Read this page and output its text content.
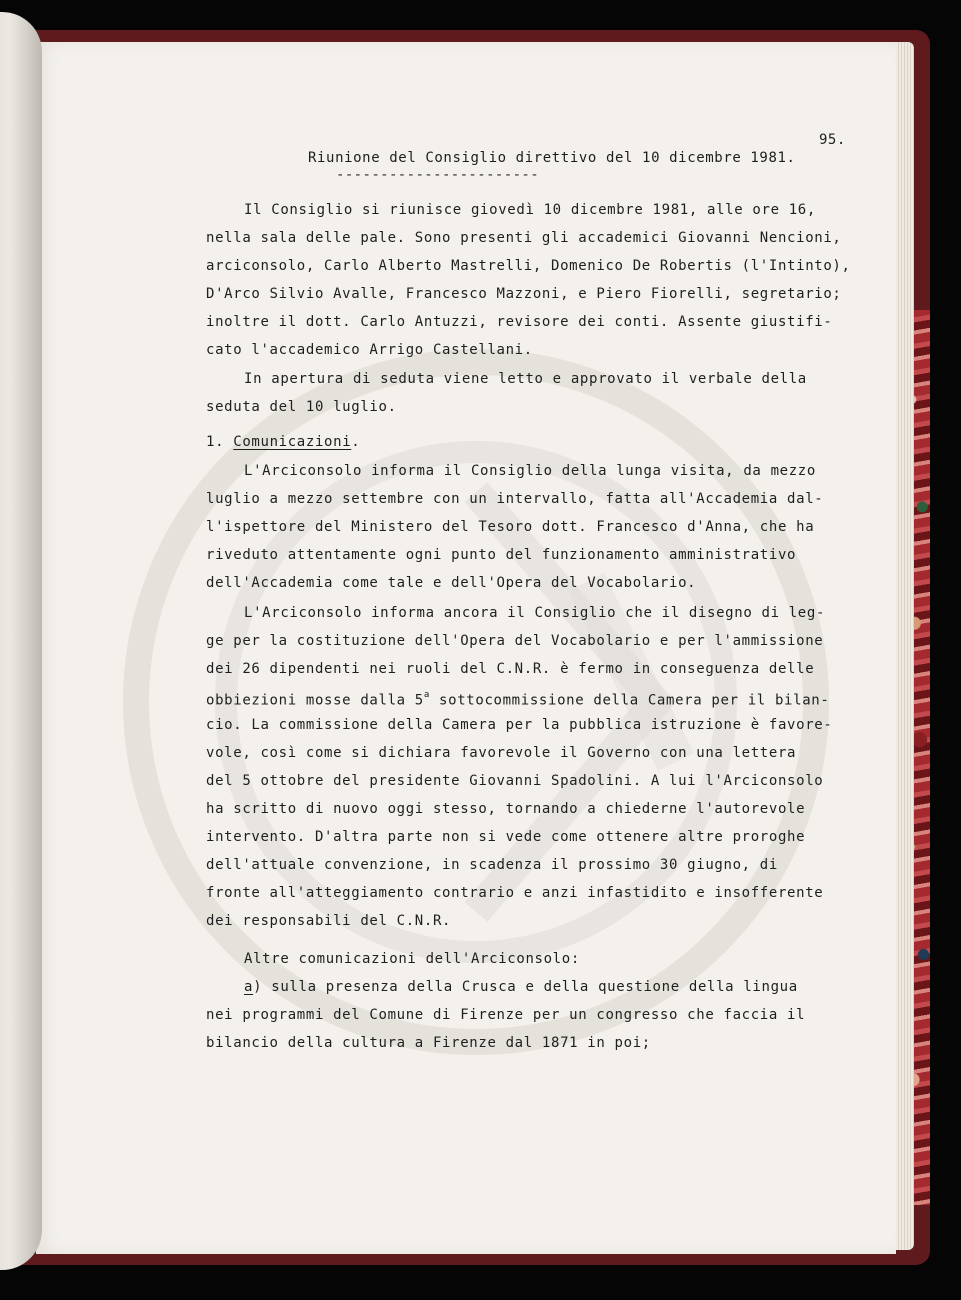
95.
Riunione del Consiglio direttivo del 10 dicembre 1981.
-----------------------
Il Consiglio si riunisce giovedì 10 dicembre 1981, alle ore 16,
nella sala delle pale. Sono presenti gli accademici Giovanni Nencioni,
arciconsolo, Carlo Alberto Mastrelli, Domenico De Robertis (l'Intinto),
D'Arco Silvio Avalle, Francesco Mazzoni, e Piero Fiorelli, segretario;
inoltre il dott. Carlo Antuzzi, revisore dei conti. Assente giustifi-
cato l'accademico Arrigo Castellani.
In apertura di seduta viene letto e approvato il verbale della
seduta del 10 luglio.
1. Comunicazioni.
L'Arciconsolo informa il Consiglio della lunga visita, da mezzo
luglio a mezzo settembre con un intervallo, fatta all'Accademia dal-
l'ispettore del Ministero del Tesoro dott. Francesco d'Anna, che ha
riveduto attentamente ogni punto del funzionamento amministrativo
dell'Accademia come tale e dell'Opera del Vocabolario.
L'Arciconsolo informa ancora il Consiglio che il disegno di leg-
ge per la costituzione dell'Opera del Vocabolario e per l'ammissione
dei 26 dipendenti nei ruoli del C.N.R. è fermo in conseguenza delle
obbiezioni mosse dalla 5$^a$ sottocommissione della Camera per il bilan-
cio. La commissione della Camera per la pubblica istruzione è favore-
vole, così come si dichiara favorevole il Governo con una lettera
del 5 ottobre del presidente Giovanni Spadolini. A lui l'Arciconsolo
ha scritto di nuovo oggi stesso, tornando a chiederne l'autorevole
intervento. D'altra parte non si vede come ottenere altre proroghe
dell'attuale convenzione, in scadenza il prossimo 30 giugno, di
fronte all'atteggiamento contrario e anzi infastidito e insofferente
dei responsabili del C.N.R.
Altre comunicazioni dell'Arciconsolo:
a) sulla presenza della Crusca e della questione della lingua
nei programmi del Comune di Firenze per un congresso che faccia il
bilancio della cultura a Firenze dal 1871 in poi;
